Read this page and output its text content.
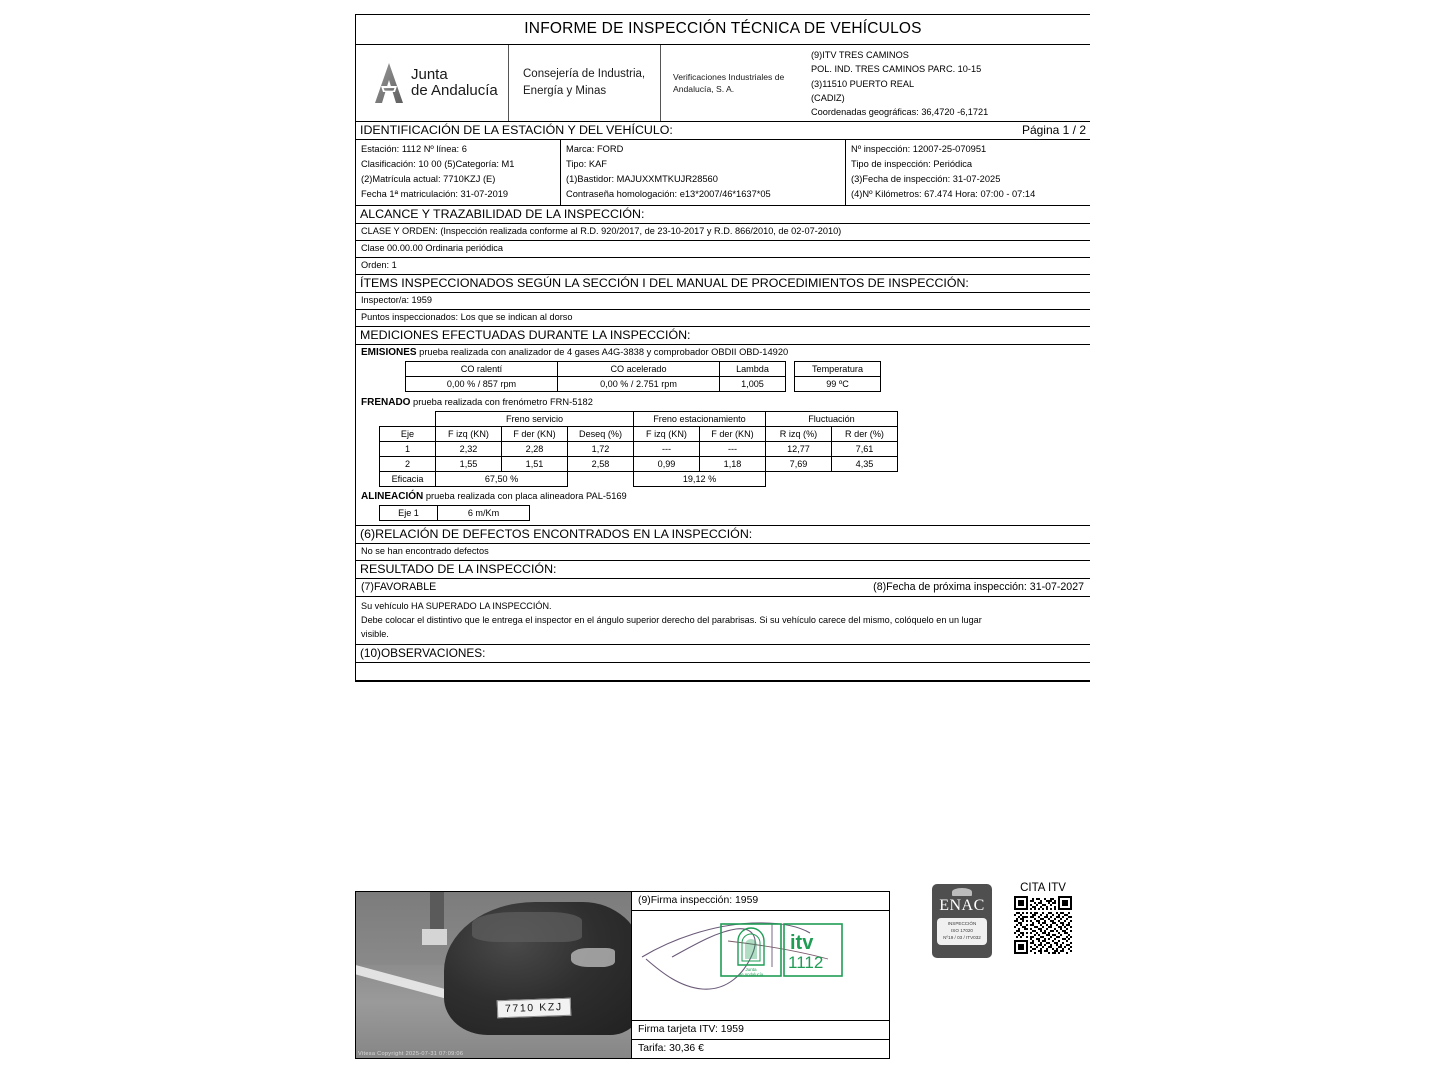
INFORME DE INSPECCIÓN TÉCNICA DE VEHÍCULOS
Junta
de Andalucía
Consejería de Industria,
Energía y Minas
Verificaciones Industriales de
Andalucía, S. A.
(9)ITV TRES CAMINOS
POL. IND. TRES CAMINOS PARC. 10-15
(3)11510 PUERTO REAL
(CADIZ)
Coordenadas geográficas: 36,4720 -6,1721
IDENTIFICACIÓN DE LA ESTACIÓN Y DEL VEHÍCULO:	Página 1 / 2
Estación: 1112 Nº línea: 6
Clasificación: 10 00 (5)Categoría: M1
(2)Matrícula actual: 7710KZJ (E)
Fecha 1ª matriculación: 31-07-2019
Marca: FORD
Tipo: KAF
(1)Bastidor: MAJUXXMTKUJR28560
Contraseña homologación: e13*2007/46*1637*05
Nº inspección: 12007-25-070951
Tipo de inspección: Periódica
(3)Fecha de inspección: 31-07-2025
(4)Nº Kilómetros: 67.474 Hora: 07:00 - 07:14
ALCANCE Y TRAZABILIDAD DE LA INSPECCIÓN:
CLASE Y ORDEN: (Inspección realizada conforme al R.D. 920/2017, de 23-10-2017 y R.D. 866/2010, de 02-07-2010)
Clase 00.00.00 Ordinaria periódica
Orden: 1
ÍTEMS INSPECCIONADOS SEGÚN LA SECCIÓN I DEL MANUAL DE PROCEDIMIENTOS DE INSPECCIÓN:
Inspector/a: 1959
Puntos inspeccionados: Los que se indican al dorso
MEDICIONES EFECTUADAS DURANTE LA INSPECCIÓN:
EMISIONES prueba realizada con analizador de 4 gases A4G-3838 y comprobador OBDII OBD-14920
CO ralentí	CO acelerado	Lambda		Temperatura
0,00 % / 857 rpm	0,00 % / 2.751 rpm	1,005		99 ºC
FRENADO prueba realizada con frenómetro FRN-5182
	Freno servicio			Freno estacionamiento		Fluctuación	
Eje	F izq (KN)	F der (KN)	Deseq (%)	F izq (KN)	F der (KN)	R izq (%)	R der (%)
1	2,32	2,28	1,72	---	---	12,77	7,61
2	1,55	1,51	2,58	0,99	1,18	7,69	4,35
Eficacia	67,50 %			19,12 %			
ALINEACIÓN prueba realizada con placa alineadora PAL-5169
Eje 1	6 m/Km
(6)RELACIÓN DE DEFECTOS ENCONTRADOS EN LA INSPECCIÓN:
No se han encontrado defectos
RESULTADO DE LA INSPECCIÓN:
(7)FAVORABLE	(8)Fecha de próxima inspección: 31-07-2027
Su vehículo HA SUPERADO LA INSPECCIÓN.
Debe colocar el distintivo que le entrega el inspector en el ángulo superior derecho del parabrisas. Si su vehículo carece del mismo, colóquelo en un lugar
visible.
(10)OBSERVACIONES:
7710 KZJ
Vitesa Copyright 2025-07-31 07:09:06
(9)Firma inspección: 1959
Junta
de Andalucía
itv
1112
Firma tarjeta ITV: 1959
Tarifa: 30,36 €
ENAC
INSPECCIÓN
ISO 17020
Nº19 / 03 / ITV032
CITA ITV
